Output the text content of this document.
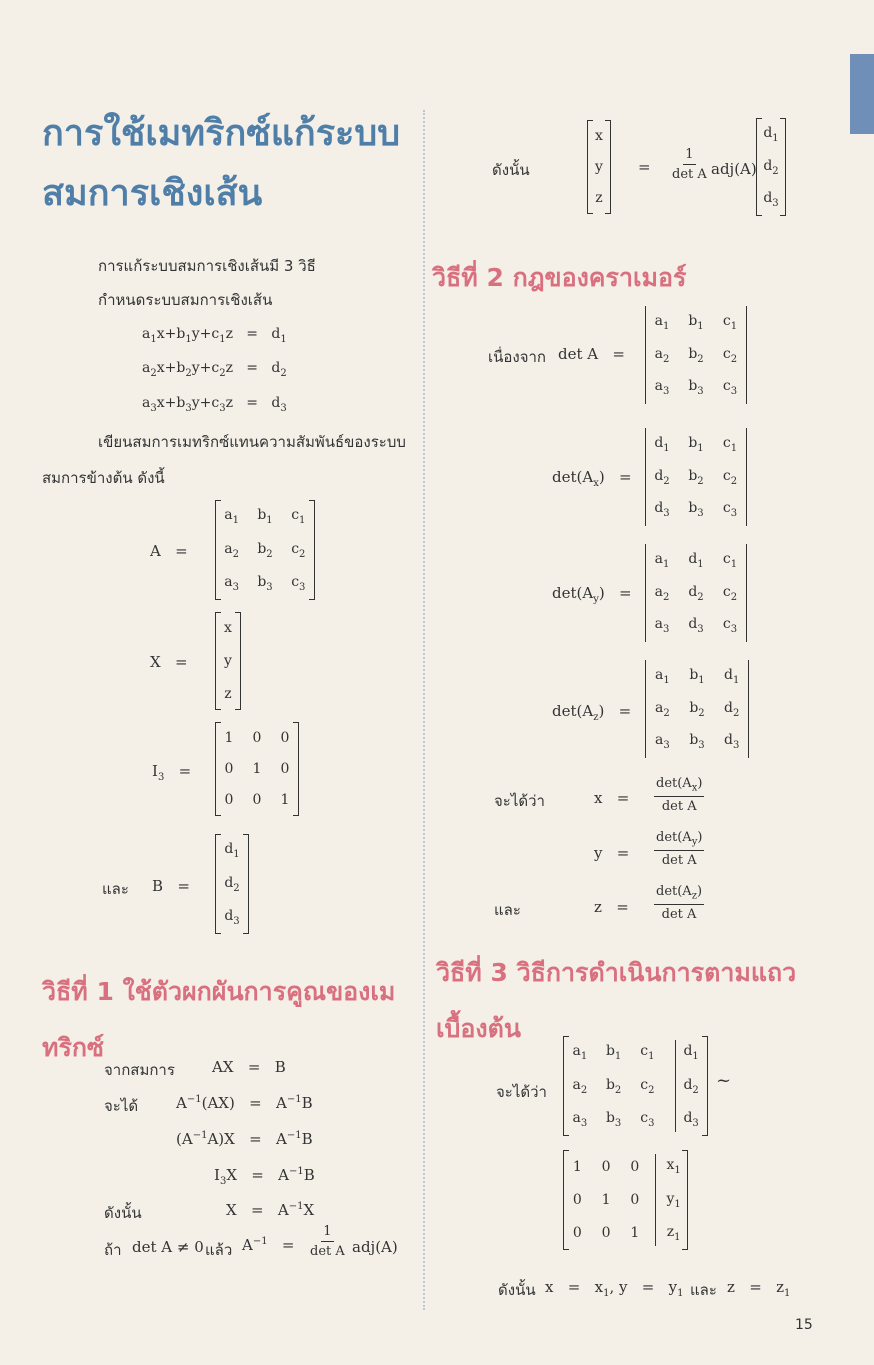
การใช้เมทริกซ์แก้ระบบสมการเชิงเส้น
การแก้ระบบสมการเชิงเส้นมี 3 วิธี
กำหนดระบบสมการเชิงเส้น
$a_1x+b_1y+c_1z = d_1$
$a_2x+b_2y+c_2z = d_2$
$a_3x+b_3y+c_3z = d_3$
เขียนสมการเมทริกซ์แทนความสัมพันธ์ของระบบ
สมการข้างต้น ดังนี้
A   =
$a_1$ $b_1$ $c_1$
$a_2$ $b_2$ $c_2$
$a_3$ $b_3$ $c_3$
X   =
x
y
z
$I_3$   =
1 0 0
0 1 0
0 0 1
และ B   =
$d_1$
$d_2$
$d_3$
วิธีที่ 1 ใช้ตัวผกผันการคูณของเมทริกซ์
จากสมการ AX   =   B
จะได้	$A^{-1}(AX) = A^{-1}B$
$(A^{-1}A)X = A^{-1}B$
$I_3X = A^{-1}B$
ดังนั้น	$X = A^{-1}X$
ถ้า det A ≠ 0 แล้ว $A^{-1}$   =
1
det A adj(A)
ดังนั้น
x
y
z
=
1
det A adj(A)
$d_1$
$d_2$
$d_3$
วิธีที่ 2 กฎของคราเมอร์
เนื่องจาก det A   =
$a_1$ $b_1$ $c_1$
$a_2$ $b_2$ $c_2$
$a_3$ $b_3$ $c_3$
$\det(A_x)$   =
$d_1$ $b_1$ $c_1$
$d_2$ $b_2$ $c_2$
$d_3$ $b_3$ $c_3$
$\det(A_y)$   =
$a_1$ $d_1$ $c_1$
$a_2$ $d_2$ $c_2$
$a_3$ $d_3$ $c_3$
$\det(A_z)$   =
$a_1$ $b_1$ $d_1$
$a_2$ $b_2$ $d_2$
$a_3$ $b_3$ $d_3$
จะได้ว่า	x   =
$\det(A_x)$
det A
y   =
$\det(A_y)$
det A
และ	z   =
$\det(A_z)$
det A
วิธีที่ 3 วิธีการดำเนินการตามแถวเบื้องต้น
จะได้ว่า
$a_1$ $b_1$ $c_1$ $d_1$
$a_2$ $b_2$ $c_2$ $d_2$
$a_3$ $b_3$ $c_3$ $d_3$
~
1 0 0 $x_1$
0 1 0 $y_1$
0 0 1 $z_1$
ดังนั้น $x = x_1$, $y = y_1$ และ $z = z_1$
15
